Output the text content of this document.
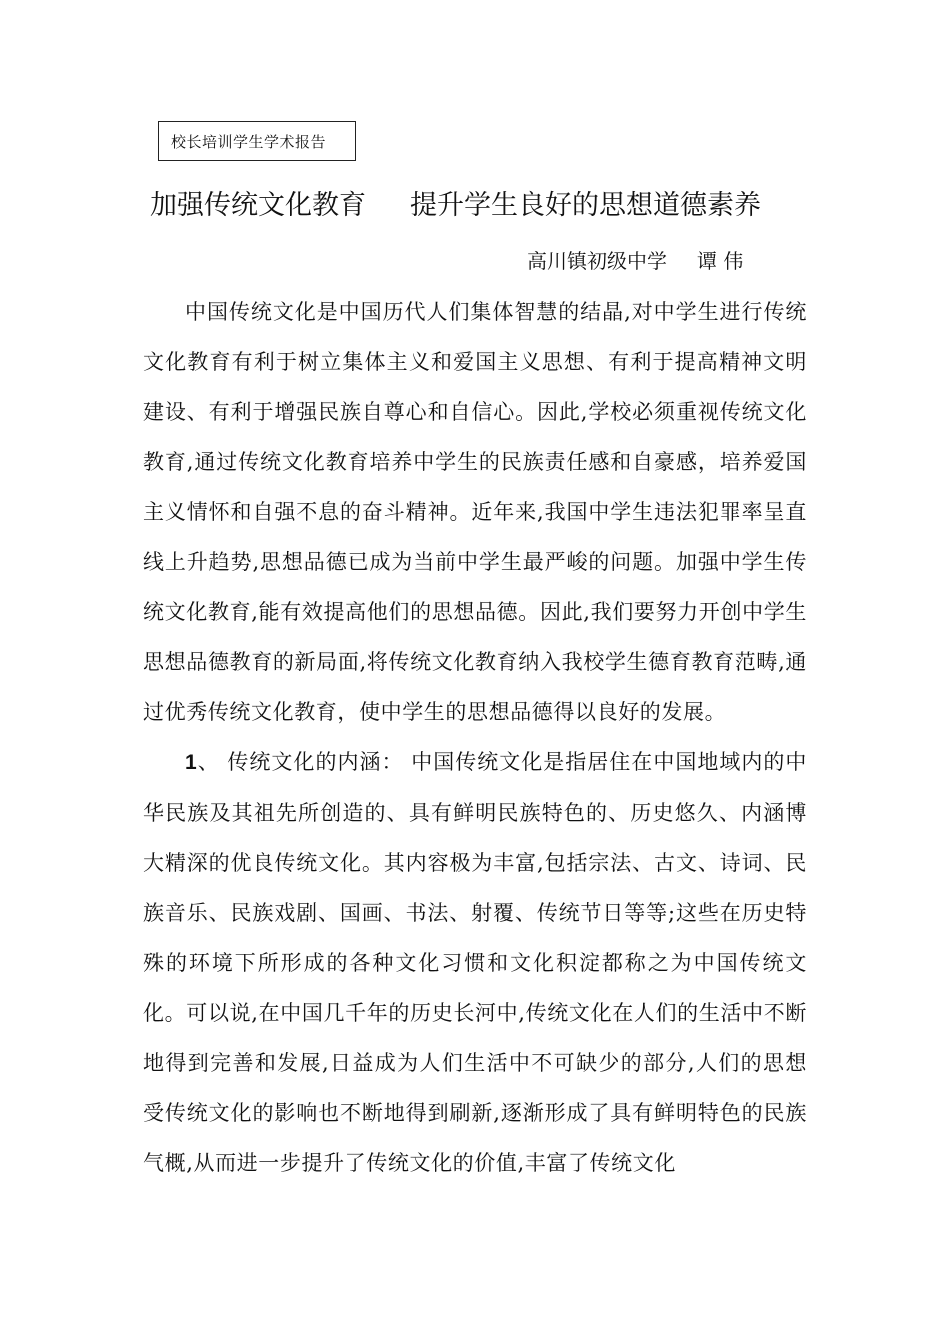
校长培训学生学术报告
加强传统文化教育 提升学生良好的思想道德素养
高川镇初级中学 谭 伟

中国传统文化是中国历代人们集体智慧的结晶,对中学生进行传统文化教育有利于树立集体主义和爱国主义思想、有利于提高精神文明建设、有利于增强民族自尊心和自信心。因此,学校必须重视传统文化教育,通过传统文化教育培养中学生的民族责任感和自豪感，培养爱国主义情怀和自强不息的奋斗精神。近年来,我国中学生违法犯罪率呈直线上升趋势,思想品德已成为当前中学生最严峻的问题。加强中学生传统文化教育,能有效提高他们的思想品德。因此,我们要努力开创中学生思想品德教育的新局面,将传统文化教育纳入我校学生德育教育范畴,通过优秀传统文化教育，使中学生的思想品德得以良好的发展。

1、 传统文化的内涵： 中国传统文化是指居住在中国地域内的中华民族及其祖先所创造的、具有鲜明民族特色的、历史悠久、内涵博大精深的优良传统文化。其内容极为丰富,包括宗法、古文、诗词、民族音乐、民族戏剧、国画、书法、射覆、传统节日等等;这些在历史特殊的环境下所形成的各种文化习惯和文化积淀都称之为中国传统文化。可以说,在中国几千年的历史长河中,传统文化在人们的生活中不断地得到完善和发展,日益成为人们生活中不可缺少的部分,人们的思想 受传统文化的影响也不断地得到刷新,逐渐形成了具有鲜明特色的民族气概,从而进一步提升了传统文化的价值,丰富了传统文化
